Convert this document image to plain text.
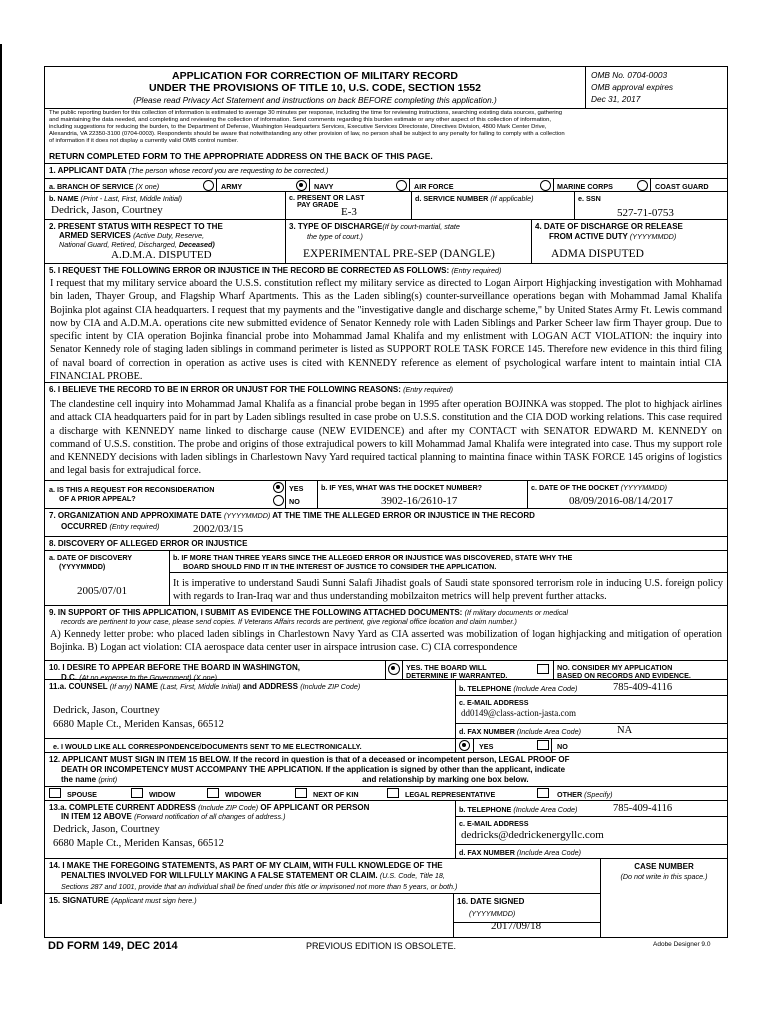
APPLICATION FOR CORRECTION OF MILITARY RECORD
UNDER THE PROVISIONS OF TITLE 10, U.S. CODE, SECTION 1552
(Please read Privacy Act Statement and instructions on back BEFORE completing this application.)
OMB No. 0704-0003
OMB approval expires
Dec 31, 2017
The public reporting burden for this collection of information is estimated to average 30 minutes per response, including the time for reviewing instructions, searching existing data sources, gathering
and maintaining the data needed, and completing and reviewing the collection of information. Send comments regarding this burden estimate or any other aspect of this collection of information,
including suggestions for reducing the burden, to the Department of Defense, Washington Headquarters Services, Executive Services Directorate, Directives Division, 4800 Mark Center Drive,
Alexandria, VA 22350-3100 (0704-0003). Respondents should be aware that notwithstanding any other provision of law, no person shall be subject to any penalty for failing to comply with a collection
of information if it does not display a currently valid OMB control number.
RETURN COMPLETED FORM TO THE APPROPRIATE ADDRESS ON THE BACK OF THIS PAGE.
1. APPLICANT DATA (The person whose record you are requesting to be corrected.)
a. BRANCH OF SERVICE (X one)	ARMY	NAVY	AIR FORCE	MARINE CORPS	COAST GUARD
b. NAME (Print - Last, First, Middle Initial)
Dedrick, Jason, Courtney
c. PRESENT OR LAST
PAY GRADE
E-3
d. SERVICE NUMBER (If applicable)	e. SSN
527-71-0753
2. PRESENT STATUS WITH RESPECT TO THE
ARMED SERVICES (Active Duty, Reserve,
National Guard, Retired, Discharged, Deceased)
A.D.M.A. DISPUTED
3. TYPE OF DISCHARGE(If by court-martial, state
the type of court.)
EXPERIMENTAL PRE-SEP (DANGLE)
4. DATE OF DISCHARGE OR RELEASE
FROM ACTIVE DUTY (YYYYMMDD)
ADMA DISPUTED
5. I REQUEST THE FOLLOWING ERROR OR INJUSTICE IN THE RECORD BE CORRECTED AS FOLLOWS: (Entry required)
I request that my military service aboard the U.S.S. constitution reflect my military service as directed to Logan Airport Highjacking investigation with Mohhamad bin laden, Thayer Group, and Flagship Wharf Apartments. This as the Laden sibling(s) counter-surveillance operations began with Mohammad Jamal Khalifa Bojinka plot against CIA headquarters. I request that my payments and the "investigative dangle and discharge scheme," by United States Army Ft. Lewis command now by CIA and A.D.M.A. operations cite new submitted evidence of Senator Kennedy role with Laden Siblings and Parker Scheer law firm Thayer group. Due to specific intent by CIA operation Bojinka financial probe into Mohammad Jamal Khalifa and my enlistment with LOGAN ACT VIOLATION: the inquiry into Senator Kennedy role of staging laden siblings in command perimeter is listed as SUPPORT ROLE TASK FORCE 145. Therefore new evidence in this third filing of naval board of correction in operation as active uses is cited with KENNEDY reference as element of psychological warfare intent to maintain intial CIA FINANCIAL PROBE.
6. I BELIEVE THE RECORD TO BE IN ERROR OR UNJUST FOR THE FOLLOWING REASONS: (Entry required)
The clandestine cell inquiry into Mohammad Jamal Khalifa as a financial probe began in 1995 after operation BOJINKA was stopped. The plot to highjack airlines and attack CIA headquarters paid for in part by Laden siblings resulted in case probe on U.S.S. constitution and the CIA DOD working relations. This case required a discharge with KENNEDY name linked to discharge cause (NEW EVIDENCE) and after my CONTACT with SENATOR EDWARD M. KENNEDY on command of U.S.S. constition. The probe and origins of those extrajudical powers to kill Mohammad Jamal Khalifa were integrated into case. Thus my support role and KENNEDY decisions with laden siblings in Charlestown Navy Yard required tactical planning to maintina finace within TASK FORCE 145 origins of logistics and legal basis for extrajudical force.
a. IS THIS A REQUEST FOR RECONSIDERATION
OF A PRIOR APPEAL?
YES
NO
b. IF YES, WHAT WAS THE DOCKET NUMBER?
3902-16/2610-17
c. DATE OF THE DOCKET (YYYYMMDD)
08/09/2016-08/14/2017
7. ORGANIZATION AND APPROXIMATE DATE (YYYYMMDD) AT THE TIME THE ALLEGED ERROR OR INJUSTICE IN THE RECORD
OCCURRED (Entry required)	2002/03/15
8. DISCOVERY OF ALLEGED ERROR OR INJUSTICE
a. DATE OF DISCOVERY
(YYYYMMDD)
2005/07/01
b. IF MORE THAN THREE YEARS SINCE THE ALLEGED ERROR OR INJUSTICE WAS DISCOVERED, STATE WHY THE
BOARD SHOULD FIND IT IN THE INTEREST OF JUSTICE TO CONSIDER THE APPLICATION.
It is imperative to understand Saudi Sunni Salafi Jihadist goals of Saudi state sponsored terrorism role in inducing U.S. foreign policy with regards to Iran-Iraq war and thus understanding mobilzaiton metrics will help prevent further attacks.
9. IN SUPPORT OF THIS APPLICATION, I SUBMIT AS EVIDENCE THE FOLLOWING ATTACHED DOCUMENTS: (If military documents or medical
records are pertinent to your case, please send copies. If Veterans Affairs records are pertinent, give regional office location and claim number.)
A) Kennedy letter probe: who placed laden siblings in Charlestown Navy Yard as CIA asserted was mobilization of logan highjacking and mitigation of operation Bojinka. B) Logan act violation: CIA aerospace data center user in airspace intrusion case. C) CIA correspondence
10. I DESIRE TO APPEAR BEFORE THE BOARD IN WASHINGTON,
D.C. (At no expense to the Government) (X one)
YES. THE BOARD WILL
DETERMINE IF WARRANTED.
NO. CONSIDER MY APPLICATION
BASED ON RECORDS AND EVIDENCE.
11.a. COUNSEL (If any) NAME (Last, First, Middle Initial) and ADDRESS (Include ZIP Code)
Dedrick, Jason, Courtney
6680 Maple Ct., Meriden Kansas, 66512
b. TELEPHONE (Include Area Code)	785-409-4116
c. E-MAIL ADDRESS
dd0149@class-action-jasta.com
d. FAX NUMBER (Include Area Code)	NA
e. I WOULD LIKE ALL CORRESPONDENCE/DOCUMENTS SENT TO ME ELECTRONICALLY.	YES	NO
12. APPLICANT MUST SIGN IN ITEM 15 BELOW. If the record in question is that of a deceased or incompetent person, LEGAL PROOF OF
DEATH OR INCOMPETENCY MUST ACCOMPANY THE APPLICATION. If the application is signed by other than the applicant, indicate
the name (print)	and relationship by marking one box below.
SPOUSE	WIDOW	WIDOWER	NEXT OF KIN	LEGAL REPRESENTATIVE	OTHER (Specify)
13.a. COMPLETE CURRENT ADDRESS (Include ZIP Code) OF APPLICANT OR PERSON
IN ITEM 12 ABOVE (Forward notification of all changes of address.)
Dedrick, Jason, Courtney
6680 Maple Ct., Meriden Kansas, 66512
b. TELEPHONE (Include Area Code)	785-409-4116
c. E-MAIL ADDRESS
dedricks@dedrickenergyllc.com
d. FAX NUMBER (Include Area Code)
14. I MAKE THE FOREGOING STATEMENTS, AS PART OF MY CLAIM, WITH FULL KNOWLEDGE OF THE
PENALTIES INVOLVED FOR WILLFULLY MAKING A FALSE STATEMENT OR CLAIM. (U.S. Code, Title 18,
Sections 287 and 1001, provide that an individual shall be fined under this title or imprisoned not more than 5 years, or both.)
CASE NUMBER
(Do not write in this space.)
15. SIGNATURE (Applicant must sign here.)	16. DATE SIGNED
(YYYYMMDD)
2017/09/18
DD FORM 149, DEC 2014	PREVIOUS EDITION IS OBSOLETE.	Adobe Designer 9.0
